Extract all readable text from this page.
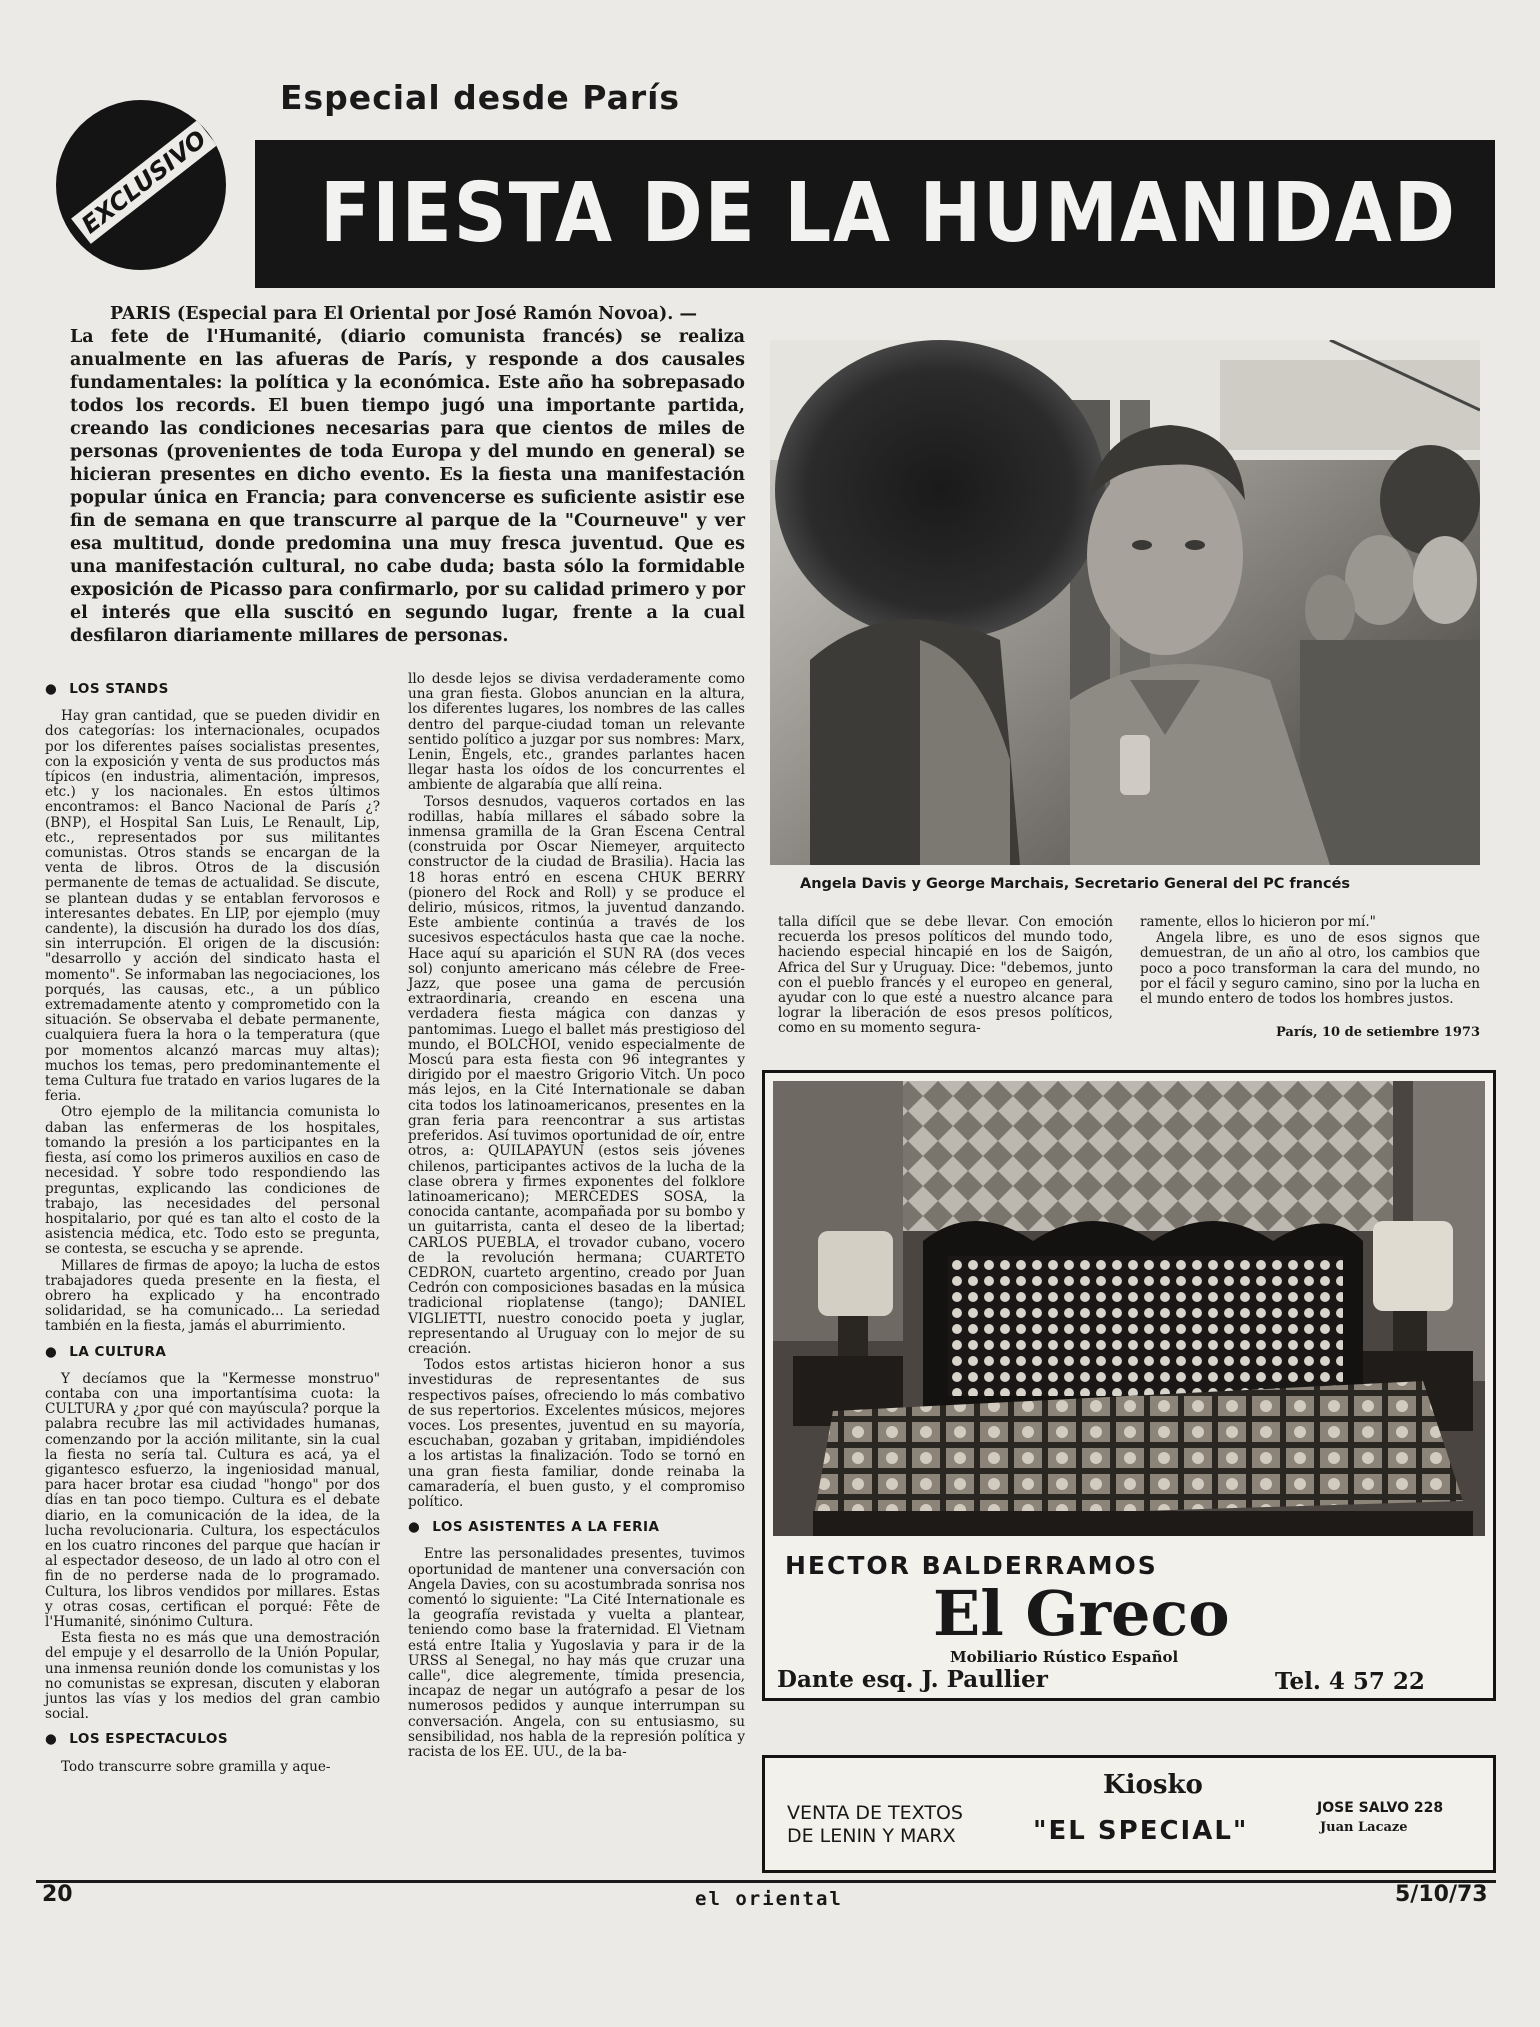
Especial desde París
EXCLUSIVO FIESTA DE LA HUMANIDAD
PARIS (Especial para El Oriental por José Ramón Novoa). —
La fete de l'Humanité, (diario comunista francés) se realiza anualmente en las afueras de París, y responde a dos causales fundamentales: la política y la económica. Este año ha sobrepasado todos los records. El buen tiempo jugó una importante partida, creando las condiciones necesarias para que cientos de miles de personas (provenientes de toda Europa y del mundo en general) se hicieran presentes en dicho evento. Es la fiesta una manifestación popular única en Francia; para convencerse es suficiente asistir ese fin de semana en que transcurre al parque de la "Courneuve" y ver esa multitud, donde predomina una muy fresca juventud. Que es una manifestación cultural, no cabe duda; basta sólo la formidable exposición de Picasso para confirmarlo, por su calidad primero y por el interés que ella suscitó en segundo lugar, frente a la cual desfilaron diariamente millares de personas.
● LOS STANDS

Hay gran cantidad, que se pueden dividir en dos categorías: los internacionales, ocupados por los diferentes países socialistas presentes, con la exposición y venta de sus productos más típicos (en industria, alimentación, impresos, etc.) y los nacionales. En estos últimos encontramos: el Banco Nacional de París ¿? (BNP), el Hospital San Luis, Le Renault, Lip, etc., representados por sus militantes comunistas. Otros stands se encargan de la venta de libros. Otros de la discusión permanente de temas de actualidad. Se discute, se plantean dudas y se entablan fervorosos e interesantes debates. En LIP, por ejemplo (muy candente), la discusión ha durado los dos días, sin interrupción. El origen de la discusión: "desarrollo y acción del sindicato hasta el momento". Se informaban las negociaciones, los porqués, las causas, etc., a un público extremadamente atento y comprometido con la situación. Se observaba el debate permanente, cualquiera fuera la hora o la temperatura (que por momentos alcanzó marcas muy altas); muchos los temas, pero predominantemente el tema Cultura fue tratado en varios lugares de la feria.

Otro ejemplo de la militancia comunista lo daban las enfermeras de los hospitales, tomando la presión a los participantes en la fiesta, así como los primeros auxilios en caso de necesidad. Y sobre todo respondiendo las preguntas, explicando las condiciones de trabajo, las necesidades del personal hospitalario, por qué es tan alto el costo de la asistencia médica, etc. Todo esto se pregunta, se contesta, se escucha y se aprende.

Millares de firmas de apoyo; la lucha de estos trabajadores queda presente en la fiesta, el obrero ha explicado y ha encontrado solidaridad, se ha comunicado... La seriedad también en la fiesta, jamás el aburrimiento.

● LA CULTURA

Y decíamos que la "Kermesse monstruo" contaba con una importantísima cuota: la CULTURA y ¿por qué con mayúscula? porque la palabra recubre las mil actividades humanas, comenzando por la acción militante, sin la cual la fiesta no sería tal. Cultura es acá, ya el gigantesco esfuerzo, la ingeniosidad manual, para hacer brotar esa ciudad "hongo" por dos días en tan poco tiempo. Cultura es el debate diario, en la comunicación de la idea, de la lucha revolucionaria. Cultura, los espectáculos en los cuatro rincones del parque que hacían ir al espectador deseoso, de un lado al otro con el fin de no perderse nada de lo programado. Cultura, los libros vendidos por millares. Estas y otras cosas, certifican el porqué: Fête de l'Humanité, sinónimo Cultura.

Esta fiesta no es más que una demostración del empuje y el desarrollo de la Unión Popular, una inmensa reunión donde los comunistas y los no comunistas se expresan, discuten y elaboran juntos las vías y los medios del gran cambio social.

● LOS ESPECTACULOS

Todo transcurre sobre gramilla y aque-

llo desde lejos se divisa verdaderamente como una gran fiesta. Globos anuncian en la altura, los diferentes lugares, los nombres de las calles dentro del parque-ciudad toman un relevante sentido político a juzgar por sus nombres: Marx, Lenin, Engels, etc., grandes parlantes hacen llegar hasta los oídos de los concurrentes el ambiente de algarabía que allí reina.

Torsos desnudos, vaqueros cortados en las rodillas, había millares el sábado sobre la inmensa gramilla de la Gran Escena Central (construida por Oscar Niemeyer, arquitecto constructor de la ciudad de Brasilia). Hacia las 18 horas entró en escena CHUK BERRY (pionero del Rock and Roll) y se produce el delirio, músicos, ritmos, la juventud danzando. Este ambiente continúa a través de los sucesivos espectáculos hasta que cae la noche. Hace aquí su aparición el SUN RA (dos veces sol) conjunto americano más célebre de Free-Jazz, que posee una gama de percusión extraordinaria, creando en escena una verdadera fiesta mágica con danzas y pantomimas. Luego el ballet más prestigioso del mundo, el BOLCHOI, venido especialmente de Moscú para esta fiesta con 96 integrantes y dirigido por el maestro Grigorio Vitch. Un poco más lejos, en la Cité Internationale se daban cita todos los latinoamericanos, presentes en la gran feria para reencontrar a sus artistas preferidos. Así tuvimos oportunidad de oír, entre otros, a: QUILAPAYUN (estos seis jóvenes chilenos, participantes activos de la lucha de la clase obrera y firmes exponentes del folklore latinoamericano); MERCEDES SOSA, la conocida cantante, acompañada por su bombo y un guitarrista, canta el deseo de la libertad; CARLOS PUEBLA, el trovador cubano, vocero de la revolución hermana; CUARTETO CEDRON, cuarteto argentino, creado por Juan Cedrón con composiciones basadas en la música tradicional rioplatense (tango); DANIEL VIGLIETTI, nuestro conocido poeta y juglar, representando al Uruguay con lo mejor de su creación.

Todos estos artistas hicieron honor a sus investiduras de representantes de sus respectivos países, ofreciendo lo más combativo de sus repertorios. Excelentes músicos, mejores voces. Los presentes, juventud en su mayoría, escuchaban, gozaban y gritaban, impidiéndoles a los artistas la finalización. Todo se tornó en una gran fiesta familiar, donde reinaba la camaradería, el buen gusto, y el compromiso político.

● LOS ASISTENTES A LA FERIA

Entre las personalidades presentes, tuvimos oportunidad de mantener una conversación con Angela Davies, con su acostumbrada sonrisa nos comentó lo siguiente: "La Cité Internationale es la geografía revistada y vuelta a plantear, teniendo como base la fraternidad. El Vietnam está entre Italia y Yugoslavia y para ir de la URSS al Senegal, no hay más que cruzar una calle", dice alegremente, tímida presencia, incapaz de negar un autógrafo a pesar de los numerosos pedidos y aunque interrumpan su conversación. Angela, con su entusiasmo, su sensibilidad, nos habla de la represión política y racista de los EE. UU., de la ba-

Angela Davis y George Marchais, Secretario General del PC francés

talla difícil que se debe llevar. Con emoción recuerda los presos políticos del mundo todo, haciendo especial hincapié en los de Saigón, Africa del Sur y Uruguay. Dice: "debemos, junto con el pueblo francés y el europeo en general, ayudar con lo que esté a nuestro alcance para lograr la liberación de esos presos políticos, como en su momento segura-

ramente, ellos lo hicieron por mí."

Angela libre, es uno de esos signos que demuestran, de un año al otro, los cambios que poco a poco transforman la cara del mundo, no por el fácil y seguro camino, sino por la lucha en el mundo entero de todos los hombres justos.

París, 10 de setiembre 1973
HECTOR BALDERRAMOS
El Greco
Mobiliario Rústico Español
Dante esq. J. Paullier	Tel. 4 57 22
VENTA DE TEXTOS
DE LENIN Y MARX
Kiosko
"EL SPECIAL"
JOSE SALVO 228
Juan Lacaze
20	el oriental	5/10/73
